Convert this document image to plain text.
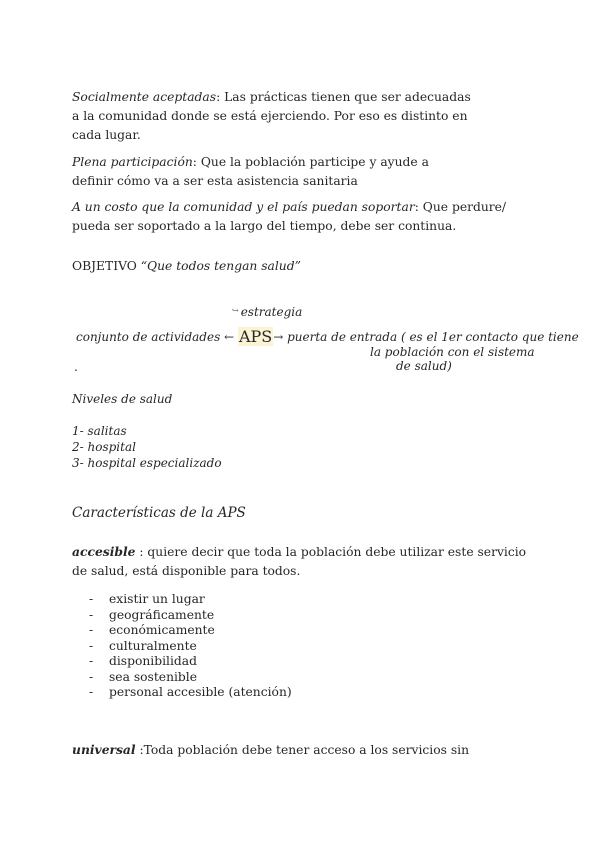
Socialmente aceptadas: Las prácticas tienen que ser adecuadas a la comunidad donde se está ejerciendo. Por eso es distinto en cada lugar.
Plena participación: Que la población participe y ayude a definir cómo va a ser esta asistencia sanitaria
A un costo que la comunidad y el país puedan soportar: Que perdure/ pueda ser soportado a la largo del tiempo, debe ser continua.
OBJETIVO “Que todos tengan salud”
↪ estrategia
conjunto de actividades ← APS→ puerta de entrada ( es el 1er contacto que tiene
la población con el sistema
de salud)
.
Niveles de salud
1- salitas
2- hospital
3- hospital especializado
Características de la APS
accesible : quiere decir que toda la población debe utilizar este servicio de salud, está disponible para todos.
- existir un lugar
- geográficamente
- económicamente
- culturalmente
- disponibilidad
- sea sostenible
- personal accesible (atención)
universal :Toda población debe tener acceso a los servicios sin
